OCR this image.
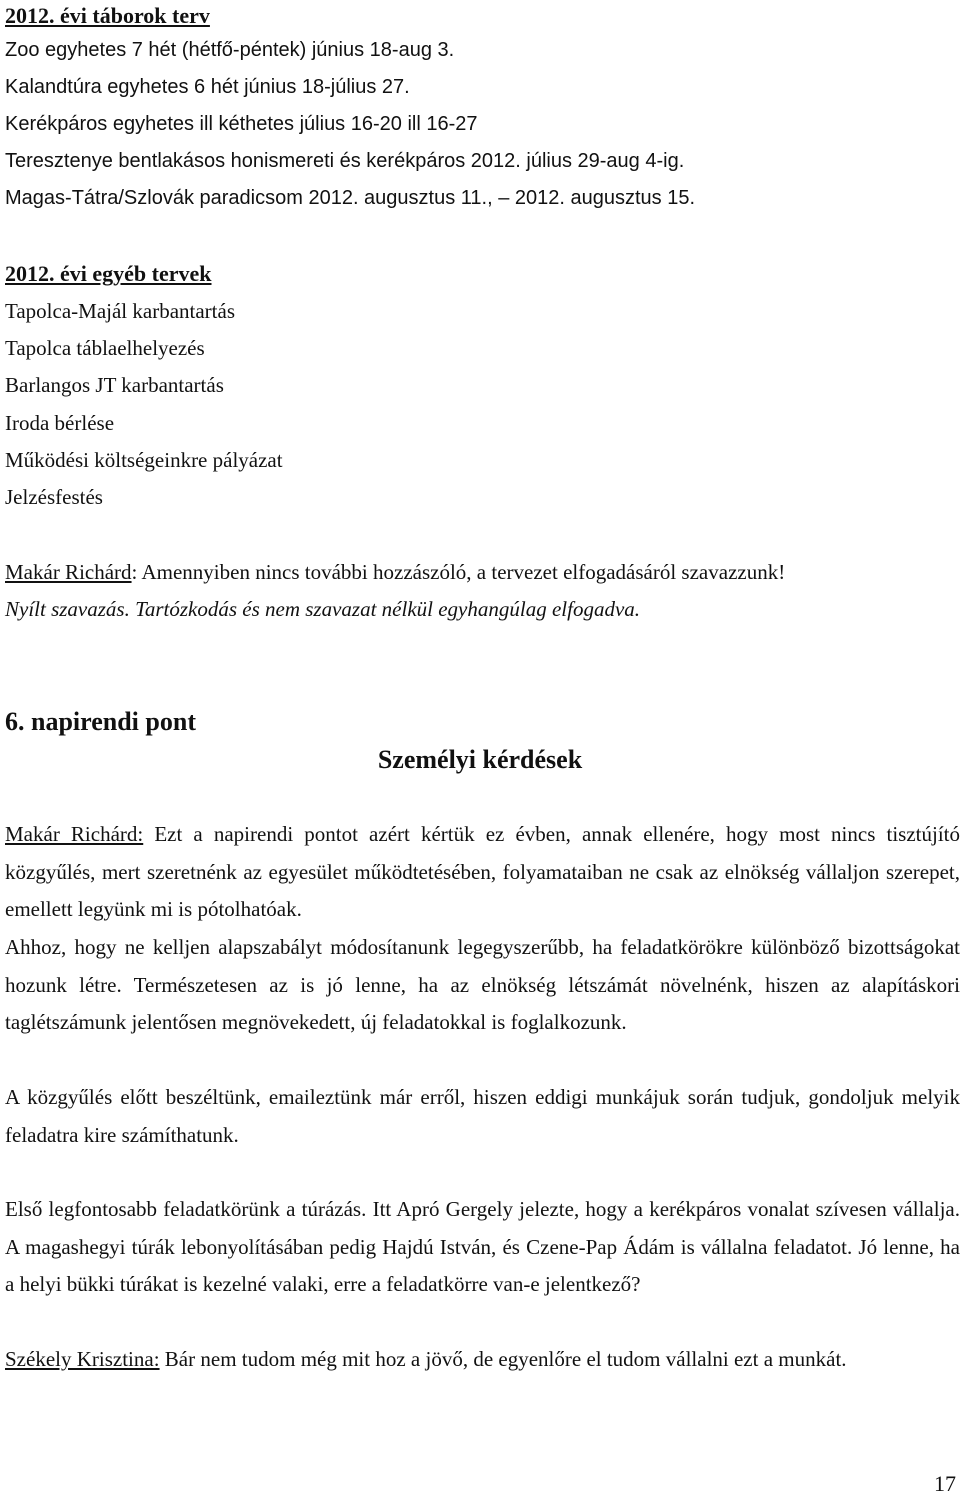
2012. évi táborok terv

Zoo egyhetes 7 hét (hétfő-péntek) június 18-aug 3.

Kalandtúra egyhetes 6 hét június 18-július 27.

Kerékpáros egyhetes ill kéthetes július 16-20 ill 16-27

Teresztenye bentlakásos honismereti és kerékpáros 2012. július 29-aug 4-ig.

Magas-Tátra/Szlovák paradicsom 2012. augusztus 11., – 2012. augusztus 15.

2012. évi egyéb tervek

Tapolca-Majál karbantartás

Tapolca táblaelhelyezés

Barlangos JT karbantartás

Iroda bérlése

Működési költségeinkre pályázat

Jelzésfestés

Makár Richárd: Amennyiben nincs további hozzászóló, a tervezet elfogadásáról szavazzunk!

Nyílt szavazás. Tartózkodás és nem szavazat nélkül egyhangúlag elfogadva.

6. napirendi pont

Személyi kérdések

Makár Richárd: Ezt a napirendi pontot azért kértük ez évben, annak ellenére, hogy most nincs tisztújító közgyűlés, mert szeretnénk az egyesület működtetésében, folyamataiban ne csak az elnökség vállaljon szerepet, emellett legyünk mi is pótolhatóak.

Ahhoz, hogy ne kelljen alapszabályt módosítanunk legegyszerűbb, ha feladatkörökre különböző bizottságokat hozunk létre. Természetesen az is jó lenne, ha az elnökség létszámát növelnénk, hiszen az alapításkori taglétszámunk jelentősen megnövekedett, új feladatokkal is foglalkozunk.

A közgyűlés előtt beszéltünk, emaileztünk már erről, hiszen eddigi munkájuk során tudjuk, gondoljuk melyik feladatra kire számíthatunk.

Első legfontosabb feladatkörünk a túrázás. Itt Apró Gergely jelezte, hogy a kerékpáros vonalat szívesen vállalja. A magashegyi túrák lebonyolításában pedig Hajdú István, és Czene-Pap Ádám is vállalna feladatot. Jó lenne, ha a helyi bükki túrákat is kezelné valaki, erre a feladatkörre van-e jelentkező?

Székely Krisztina: Bár nem tudom még mit hoz a jövő, de egyenlőre el tudom vállalni ezt a munkát.

17
